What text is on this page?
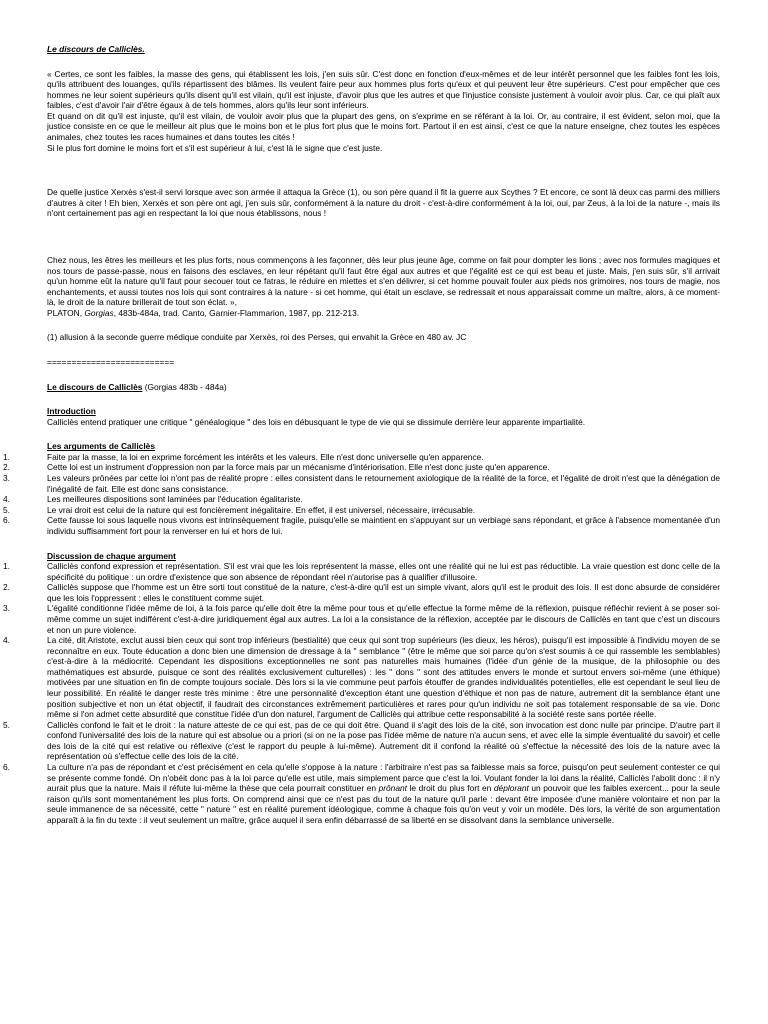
Le discours de Calliclès.

« Certes, ce sont les faibles, la masse des gens, qui établissent les lois, j'en suis sûr. C'est donc en fonction d'eux-mêmes et de leur intérêt personnel que les faibles font les lois, qu'ils attribuent des louanges, qu'ils répartissent des blâmes. Ils veulent faire peur aux hommes plus forts qu'eux et qui peuvent leur être supérieurs. C'est pour empêcher que ces hommes ne leur soient supérieurs qu'ils disent qu'il est vilain, qu'il est injuste, d'avoir plus que les autres et que l'injustice consiste justement à vouloir avoir plus. Car, ce qui plaît aux faibles, c'est d'avoir l'air d'être égaux à de tels hommes, alors qu'ils leur sont inférieurs.

Et quand on dit qu'il est injuste, qu'il est vilain, de vouloir avoir plus que la plupart des gens, on s'exprime en se référant à la loi. Or, au contraire, il est évident, selon moi, que la justice consiste en ce que le meilleur ait plus que le moins bon et le plus fort plus que le moins fort. Partout il en est ainsi, c'est ce que la nature enseigne, chez toutes les espèces animales, chez toutes les races humaines et dans toutes les cités !

Si le plus fort domine le moins fort et s'il est supérieur à lui, c'est là le signe que c'est juste.

De quelle justice Xerxès s'est-il servi lorsque avec son armée il attaqua la Grèce (1), ou son père quand il fit la guerre aux Scythes ? Et encore, ce sont là deux cas parmi des milliers d'autres à citer ! Eh bien, Xerxès et son père ont agi, j'en suis sûr, conformément à la nature du droit - c'est-à-dire conformément à la loi, oui, par Zeus, à la loi de la nature -, mais ils n'ont certainement pas agi en respectant la loi que nous établissons, nous !

Chez nous, les êtres les meilleurs et les plus forts, nous commençons à les façonner, dès leur plus jeune âge, comme on fait pour dompter les lions ; avec nos formules magiques et nos tours de passe-passe, nous en faisons des esclaves, en leur répétant qu'il faut être égal aux autres et que l'égalité est ce qui est beau et juste. Mais, j'en suis sûr, s'il arrivait qu'un homme eût la nature qu'il faut pour secouer tout ce fatras, le réduire en miettes et s'en délivrer, si cet homme pouvait fouler aux pieds nos grimoires, nos tours de magie, nos enchantements, et aussi toutes nos lois qui sont contraires à la nature - si cet homme, qui était un esclave, se redressait et nous apparaissait comme un maître, alors, à ce moment-là, le droit de la nature brillerait de tout son éclat. »,

PLATON, Gorgias, 483b-484a, trad. Canto, Garnier-Flammarion, 1987, pp. 212-213.

(1) allusion à la seconde guerre médique conduite par Xerxès, roi des Perses, qui envahit la Grèce en 480 av. JC

==========================

Le discours de Calliclès (Gorgias 483b - 484a)

Introduction

Calliclès entend pratiquer une critique " généalogique " des lois en débusquant le type de vie qui se dissimule derrière leur apparente impartialité.

Les arguments de Calliclès

1.	Faite par la masse, la loi en exprime forcément les intérêts et les valeurs. Elle n'est donc universelle qu'en apparence.
2.	Cette loi est un instrument d'oppression non par la force mais par un mécanisme d'intériorisation. Elle n'est donc juste qu'en apparence.
3.	Les valeurs prônées par cette loi n'ont pas de réalité propre : elles consistent dans le retournement axiologique de la réalité de la force, et l'égalité de droit n'est que la dénégation de l'inégalité de fait. Elle est donc sans consistance.
4.	Les meilleures dispositions sont laminées par l'éducation égalitariste.
5.	Le vrai droit est celui de la nature qui est foncièrement inégalitaire. En effet, il est universel, nécessaire, irrécusable.
6.	Cette fausse loi sous laquelle nous vivons est intrinsèquement fragile, puisqu'elle se maintient en s'appuyant sur un verbiage sans répondant, et grâce à l'absence momentanée d'un individu suffisamment fort pour la renverser en lui et hors de lui.

Discussion de chaque argument

1.	Calliclès confond expression et représentation. S'il est vrai que les lois représentent la masse, elles ont une réalité qui ne lui est pas réductible. La vraie question est donc celle de la spécificité du politique : un ordre d'existence que son absence de répondant réel n'autorise pas à qualifier d'illusoire.
2.	Calliclès suppose que l'homme est un être sorti tout constitué de la nature, c'est-à-dire qu'il est un simple vivant, alors qu'il est le produit des lois. Il est donc absurde de considérer que les lois l'oppressent : elles le constituent comme sujet.
3.	L'égalité conditionne l'idée même de loi, à la fois parce qu'elle doit être la même pour tous et qu'elle effectue la forme même de la réflexion, puisque réfléchir revient à se poser soi-même comme un sujet indifférent c'est-à-dire juridiquement égal aux autres. La loi a la consistance de la réflexion, acceptée par le discours de Calliclès en tant que c'est un discours et non un pure violence.
4.	La cité, dit Aristote, exclut aussi bien ceux qui sont trop inférieurs (bestialité) que ceux qui sont trop supérieurs (les dieux, les héros), puisqu'il est impossible à l'individu moyen de se reconnaître en eux. Toute éducation a donc bien une dimension de dressage à la " semblance " (être le même que soi parce qu'on s'est soumis à ce qui rassemble les semblables) c'est-à-dire à la médiocrité. Cependant les dispositions exceptionnelles ne sont pas naturelles mais humaines (l'idée d'un génie de la musique, de la philosophie ou des mathématiques est absurde, puisque ce sont des réalités exclusivement culturelles) : les " dons " sont des attitudes envers le monde et surtout envers soi-même (une éthique) motivées par une situation en fin de compte toujours sociale. Dès lors si la vie commune peut parfois étouffer de grandes individualités potentielles, elle est cependant le seul lieu de leur possibilité. En réalité le danger reste très minime : être une personnalité d'exception étant une question d'éthique et non pas de nature, autrement dit la semblance étant une position subjective et non un état objectif, il faudrait des circonstances extrêmement particulières et rares pour qu'un individu ne soit pas totalement responsable de sa vie. Donc même si l'on admet cette absurdité que constitue l'idée d'un don naturel, l'argument de Calliclès qui attribue cette responsabilité à la société reste sans portée réelle.
5.	Calliclès confond le fait et le droit : la nature atteste de ce qui est, pas de ce qui doit être. Quand il s'agit des lois de la cité, son invocation est donc nulle par principe. D'autre part il confond l'universalité des lois de la nature qui est absolue ou a priori (si on ne la pose pas l'idée même de nature n'a aucun sens, et avec elle la simple éventualité du savoir) et celle des lois de la cité qui est relative ou réflexive (c'est le rapport du peuple à lui-même). Autrement dit il confond la réalité où s'effectue la nécessité des lois de la nature avec la représentation où s'effectue celle des lois de la cité.
6.	La culture n'a pas de répondant et c'est précisément en cela qu'elle s'oppose à la nature : l'arbitraire n'est pas sa faiblesse mais sa force, puisqu'on peut seulement contester ce qui se présente comme fondé. On n'obéit donc pas à la loi parce qu'elle est utile, mais simplement parce que c'est la loi. Voulant fonder la loi dans la réalité, Calliclès l'abolit donc : il n'y aurait plus que la nature. Mais il réfute lui-même la thèse que cela pourrait constituer en prônant le droit du plus fort en déplorant un pouvoir que les faibles exercent... pour la seule raison qu'ils sont momentanément les plus forts. On comprend ainsi que ce n'est pas du tout de la nature qu'il parle : devant être imposée d'une manière volontaire et non par la seule immanence de sa nécessité, cette " nature " est en réalité purement idéologique, comme à chaque fois qu'on veut y voir un modèle. Dès lors, la vérité de son argumentation apparaît à la fin du texte : il veut seulement un maître, grâce auquel il sera enfin débarrassé de sa liberté en se dissolvant dans la semblance universelle.
